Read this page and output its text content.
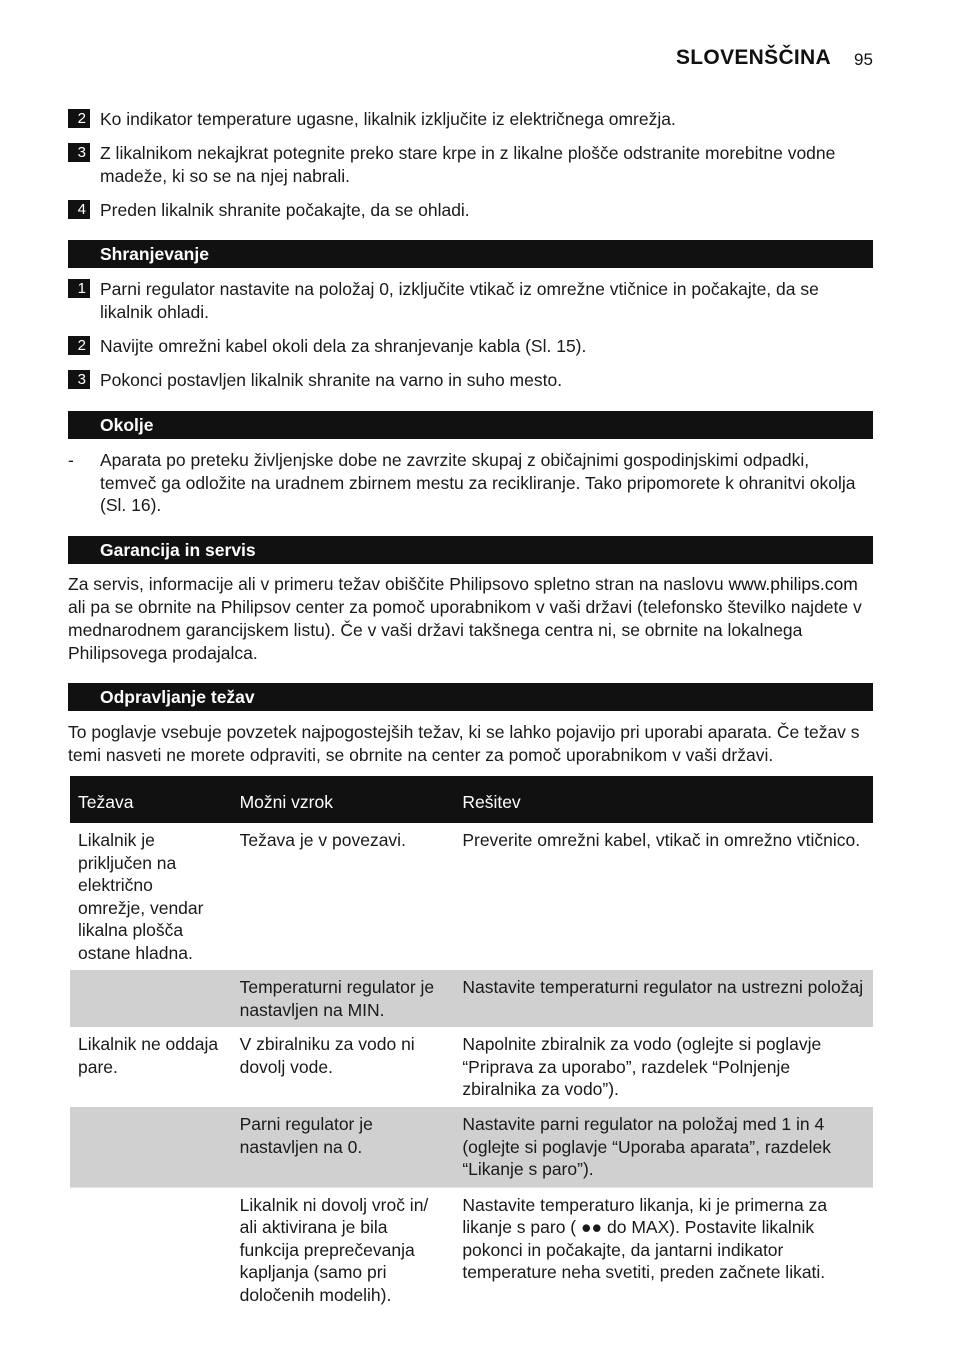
SLOVENŠČINA 95
2 Ko indikator temperature ugasne, likalnik izključite iz električnega omrežja.
3 Z likalnikom nekajkrat potegnite preko stare krpe in z likalne plošče odstranite morebitne vodne madeže, ki so se na njej nabrali.
4 Preden likalnik shranite počakajte, da se ohladi.
Shranjevanje
1 Parni regulator nastavite na položaj 0, izključite vtikač iz omrežne vtičnice in počakajte, da se likalnik ohladi.
2 Navijte omrežni kabel okoli dela za shranjevanje kabla (Sl. 15).
3 Pokonci postavljen likalnik shranite na varno in suho mesto.
Okolje
- Aparata po preteku življenjske dobe ne zavrzite skupaj z običajnimi gospodinjskimi odpadki, temveč ga odložite na uradnem zbirnem mestu za recikliranje. Tako pripomorete k ohranitvi okolja (Sl. 16).
Garancija in servis
Za servis, informacije ali v primeru težav obiščite Philipsovo spletno stran na naslovu www.philips.com ali pa se obrnite na Philipsov center za pomoč uporabnikom v vaši državi (telefonsko številko najdete v mednarodnem garancijskem listu). Če v vaši državi takšnega centra ni, se obrnite na lokalnega Philipsovega prodajalca.
Odpravljanje težav
To poglavje vsebuje povzetek najpogostejših težav, ki se lahko pojavijo pri uporabi aparata. Če težav s temi nasveti ne morete odpraviti, se obrnite na center za pomoč uporabnikom v vaši državi.
Težava	Možni vzrok	Rešitev
Likalnik je priključen na električno omrežje, vendar likalna plošča ostane hladna.	Težava je v povezavi.	Preverite omrežni kabel, vtikač in omrežno vtičnico.
	Temperaturni regulator je nastavljen na MIN.	Nastavite temperaturni regulator na ustrezni položaj
Likalnik ne oddaja pare.	V zbiralniku za vodo ni dovolj vode.	Napolnite zbiralnik za vodo (oglejte si poglavje “Priprava za uporabo”, razdelek “Polnjenje zbiralnika za vodo”).
	Parni regulator je nastavljen na 0.	Nastavite parni regulator na položaj med 1 in 4 (oglejte si poglavje “Uporaba aparata”, razdelek “Likanje s paro”).
	Likalnik ni dovolj vroč in/ ali aktivirana je bila funkcija preprečevanja kapljanja (samo pri določenih modelih).	Nastavite temperaturo likanja, ki je primerna za likanje s paro ( ●● do MAX). Postavite likalnik pokonci in počakajte, da jantarni indikator temperature neha svetiti, preden začnete likati.
